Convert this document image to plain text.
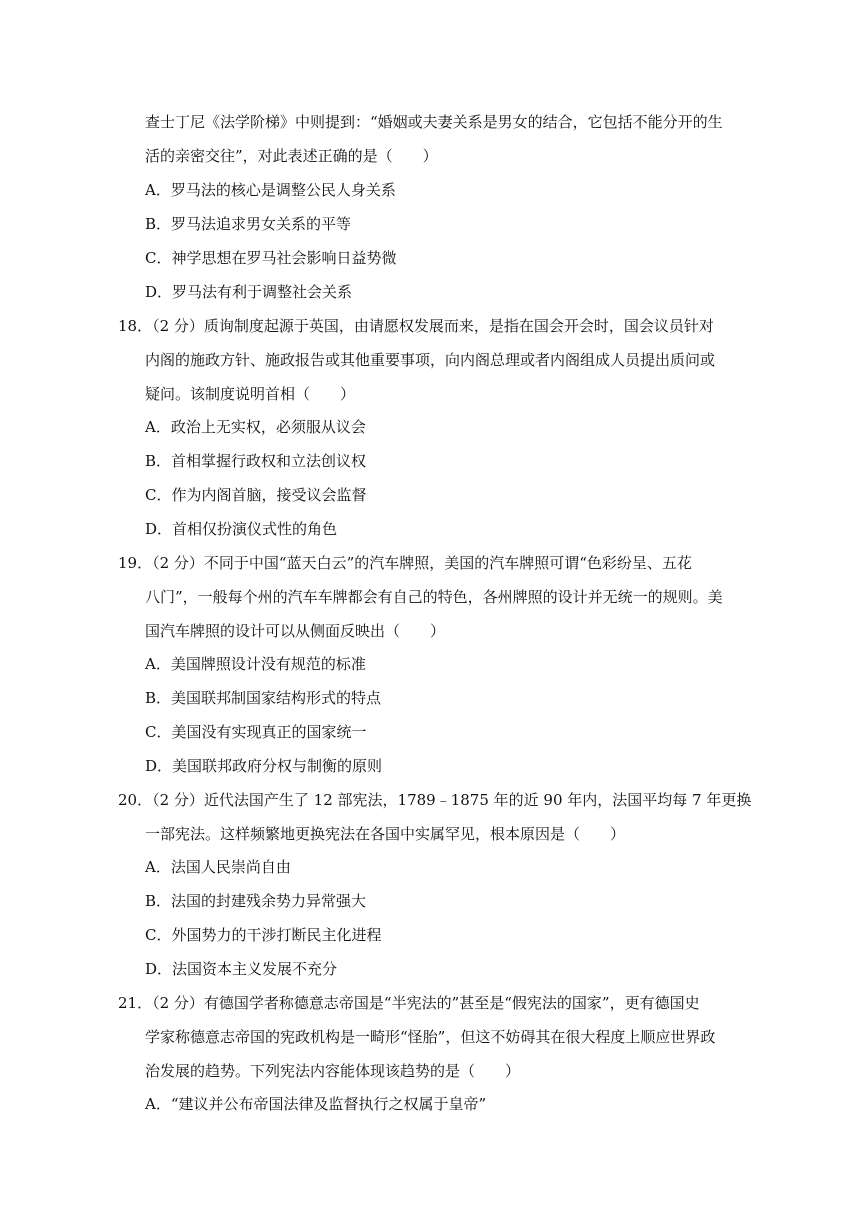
查士丁尼《法学阶梯》中则提到：“婚姻或夫妻关系是男女的结合，它包括不能分开的生
活的亲密交往”，对此表述正确的是（　　）
A．罗马法的核心是调整公民人身关系
B．罗马法追求男女关系的平等
C．神学思想在罗马社会影响日益势微
D．罗马法有利于调整社会关系
18．（2 分）质询制度起源于英国，由请愿权发展而来，是指在国会开会时，国会议员针对
内阁的施政方针、施政报告或其他重要事项，向内阁总理或者内阁组成人员提出质问或
疑问。该制度说明首相（　　）
A．政治上无实权，必须服从议会
B．首相掌握行政权和立法创议权
C．作为内阁首脑，接受议会监督
D．首相仅扮演仪式性的角色
19．（2 分）不同于中国“蓝天白云”的汽车牌照，美国的汽车牌照可谓“色彩纷呈、五花
八门”，一般每个州的汽车车牌都会有自己的特色，各州牌照的设计并无统一的规则。美
国汽车牌照的设计可以从侧面反映出（　　）
A．美国牌照设计没有规范的标准
B．美国联邦制国家结构形式的特点
C．美国没有实现真正的国家统一
D．美国联邦政府分权与制衡的原则
20．（2 分）近代法国产生了 12 部宪法，1789﹣1875 年的近 90 年内，法国平均每 7 年更换
一部宪法。这样频繁地更换宪法在各国中实属罕见，根本原因是（　　）
A．法国人民崇尚自由
B．法国的封建残余势力异常强大
C．外国势力的干涉打断民主化进程
D．法国资本主义发展不充分
21．（2 分）有德国学者称德意志帝国是“半宪法的”甚至是“假宪法的国家”，更有德国史
学家称德意志帝国的宪政机构是一畸形“怪胎”，但这不妨碍其在很大程度上顺应世界政
治发展的趋势。下列宪法内容能体现该趋势的是（　　）
A．“建议并公布帝国法律及监督执行之权属于皇帝”
